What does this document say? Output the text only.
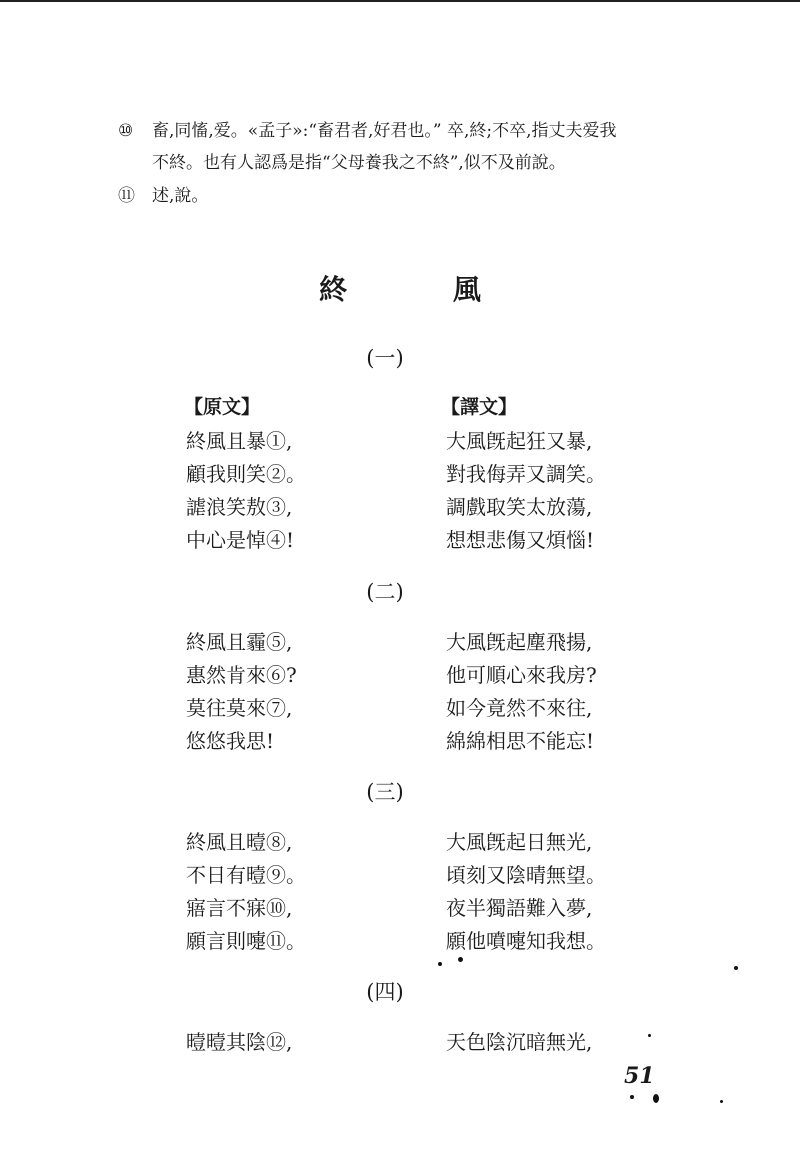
⑩ 畜,同慉,爱。«孟子»:“畜君者,好君也。” 卒,終;不卒,指丈夫爱我
不終。也有人認爲是指“父母養我之不終”,似不及前說。
⑪ 述,說。
終 風
(一)
【原文】	【譯文】
終風且暴①,	大風旣起狂又暴,
顧我則笑②。	對我侮弄又調笑。
謔浪笑敖③,	調戲取笑太放蕩,
中心是悼④!	想想悲傷又煩惱!
(二)
終風且霾⑤,	大風旣起塵飛揚,
惠然肯來⑥?	他可順心來我房?
莫往莫來⑦,	如今竟然不來往,
悠悠我思!	綿綿相思不能忘!
(三)
終風且曀⑧,	大風旣起日無光,
不日有曀⑨。	頃刻又陰晴無望。
寤言不寐⑩,	夜半獨語難入夢,
願言則嚏⑪。	願他噴嚏知我想。
(四)
曀曀其陰⑫,	天色陰沉暗無光,
51
